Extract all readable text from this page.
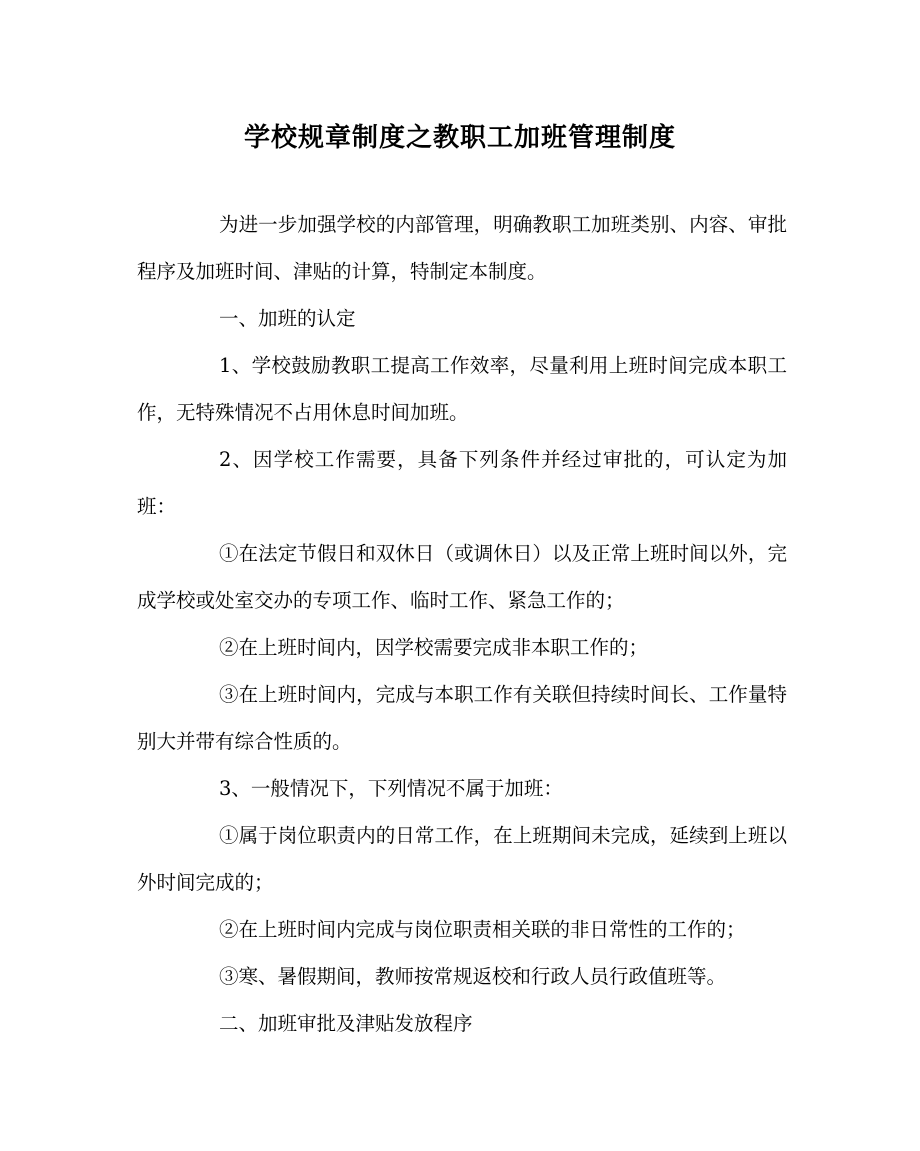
学校规章制度之教职工加班管理制度

为进一步加强学校的内部管理，明确教职工加班类别、内容、审批程序及加班时间、津贴的计算，特制定本制度。

一、加班的认定

1、学校鼓励教职工提高工作效率，尽量利用上班时间完成本职工作，无特殊情况不占用休息时间加班。

2、因学校工作需要，具备下列条件并经过审批的，可认定为加班：

①在法定节假日和双休日（或调休日）以及正常上班时间以外，完成学校或处室交办的专项工作、临时工作、紧急工作的；

②在上班时间内，因学校需要完成非本职工作的；

③在上班时间内，完成与本职工作有关联但持续时间长、工作量特别大并带有综合性质的。

3、一般情况下，下列情况不属于加班：

①属于岗位职责内的日常工作，在上班期间未完成，延续到上班以外时间完成的；

②在上班时间内完成与岗位职责相关联的非日常性的工作的；

③寒、暑假期间，教师按常规返校和行政人员行政值班等。

二、加班审批及津贴发放程序
